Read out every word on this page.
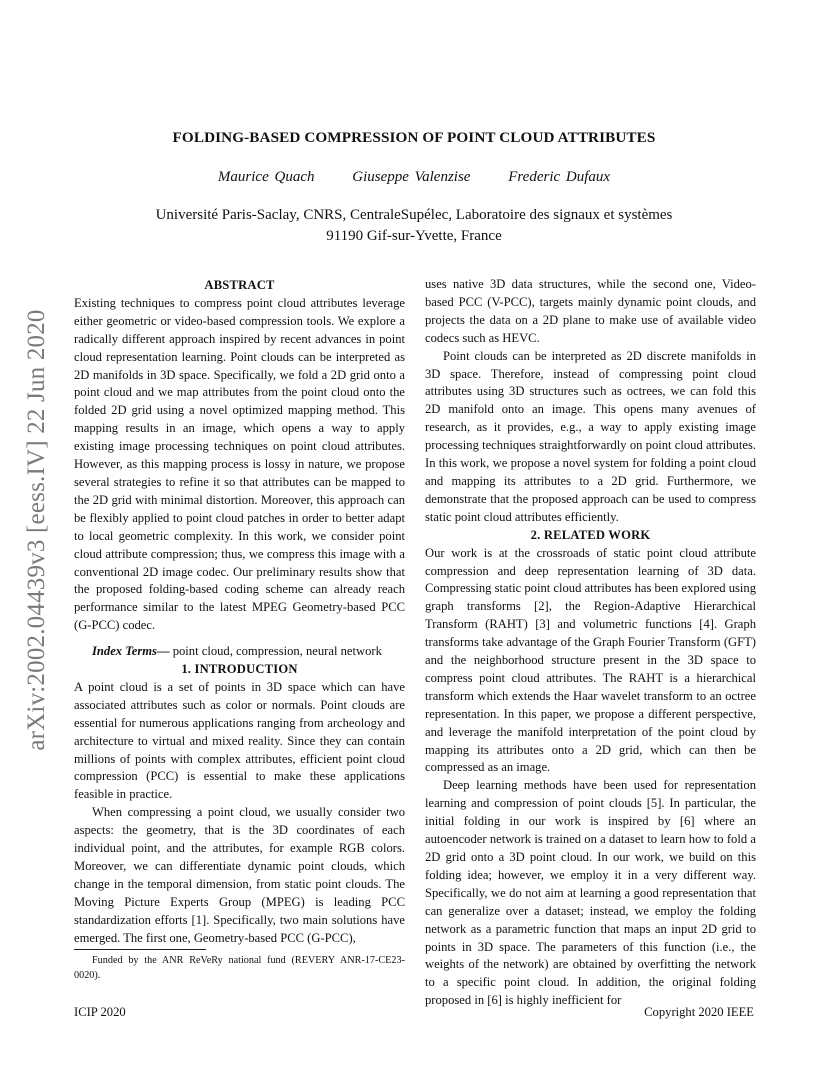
arXiv:2002.04439v3 [eess.IV] 22 Jun 2020
FOLDING-BASED COMPRESSION OF POINT CLOUD ATTRIBUTES
Maurice Quach	Giuseppe Valenzise	Frederic Dufaux
Université Paris-Saclay, CNRS, CentraleSupélec, Laboratoire des signaux et systèmes
91190 Gif-sur-Yvette, France

ABSTRACT

Existing techniques to compress point cloud attributes leverage either geometric or video-based compression tools. We explore a radically different approach inspired by recent advances in point cloud representation learning. Point clouds can be interpreted as 2D manifolds in 3D space. Specifically, we fold a 2D grid onto a point cloud and we map attributes from the point cloud onto the folded 2D grid using a novel optimized mapping method. This mapping results in an image, which opens a way to apply existing image processing techniques on point cloud attributes. However, as this mapping process is lossy in nature, we propose several strategies to refine it so that attributes can be mapped to the 2D grid with minimal distortion. Moreover, this approach can be flexibly applied to point cloud patches in order to better adapt to local geometric complexity. In this work, we consider point cloud attribute compression; thus, we compress this image with a conventional 2D image codec. Our preliminary results show that the proposed folding-based coding scheme can already reach performance similar to the latest MPEG Geometry-based PCC (G-PCC) codec.

Index Terms— point cloud, compression, neural network

1. INTRODUCTION

A point cloud is a set of points in 3D space which can have associated attributes such as color or normals. Point clouds are essential for numerous applications ranging from archeology and architecture to virtual and mixed reality. Since they can contain millions of points with complex attributes, efficient point cloud compression (PCC) is essential to make these applications feasible in practice.

When compressing a point cloud, we usually consider two aspects: the geometry, that is the 3D coordinates of each individual point, and the attributes, for example RGB colors. Moreover, we can differentiate dynamic point clouds, which change in the temporal dimension, from static point clouds. The Moving Picture Experts Group (MPEG) is leading PCC standardization efforts [1]. Specifically, two main solutions have emerged. The first one, Geometry-based PCC (G-PCC),

Funded by the ANR ReVeRy national fund (REVERY ANR-17-CE23-0020).

uses native 3D data structures, while the second one, Video-based PCC (V-PCC), targets mainly dynamic point clouds, and projects the data on a 2D plane to make use of available video codecs such as HEVC.

Point clouds can be interpreted as 2D discrete manifolds in 3D space. Therefore, instead of compressing point cloud attributes using 3D structures such as octrees, we can fold this 2D manifold onto an image. This opens many avenues of research, as it provides, e.g., a way to apply existing image processing techniques straightforwardly on point cloud attributes. In this work, we propose a novel system for folding a point cloud and mapping its attributes to a 2D grid. Furthermore, we demonstrate that the proposed approach can be used to compress static point cloud attributes efficiently.

2. RELATED WORK

Our work is at the crossroads of static point cloud attribute compression and deep representation learning of 3D data. Compressing static point cloud attributes has been explored using graph transforms [2], the Region-Adaptive Hierarchical Transform (RAHT) [3] and volumetric functions [4]. Graph transforms take advantage of the Graph Fourier Transform (GFT) and the neighborhood structure present in the 3D space to compress point cloud attributes. The RAHT is a hierarchical transform which extends the Haar wavelet transform to an octree representation. In this paper, we propose a different perspective, and leverage the manifold interpretation of the point cloud by mapping its attributes onto a 2D grid, which can then be compressed as an image.

Deep learning methods have been used for representation learning and compression of point clouds [5]. In particular, the initial folding in our work is inspired by [6] where an autoencoder network is trained on a dataset to learn how to fold a 2D grid onto a 3D point cloud. In our work, we build on this folding idea; however, we employ it in a very different way. Specifically, we do not aim at learning a good representation that can generalize over a dataset; instead, we employ the folding network as a parametric function that maps an input 2D grid to points in 3D space. The parameters of this function (i.e., the weights of the network) are obtained by overfitting the network to a specific point cloud. In addition, the original folding proposed in [6] is highly inefficient for

ICIP 2020	Copyright 2020 IEEE
